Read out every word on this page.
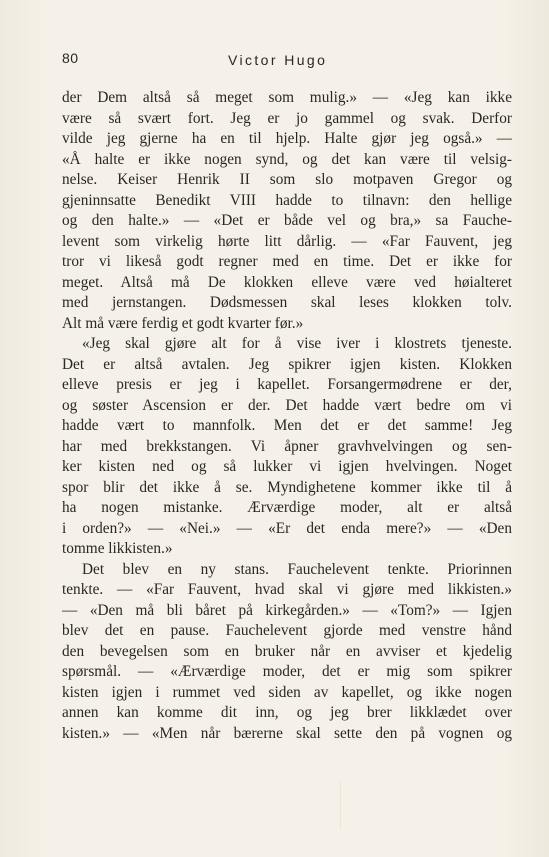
80	Victor Hugo
der Dem altså så meget som mulig.» — «Jeg kan ikke
være så svært fort. Jeg er jo gammel og svak. Derfor
vilde jeg gjerne ha en til hjelp. Halte gjør jeg også.» —
«Å halte er ikke nogen synd, og det kan være til velsig-
nelse. Keiser Henrik II som slo motpaven Gregor og
gjeninnsatte Benedikt VIII hadde to tilnavn: den hellige
og den halte.» — «Det er både vel og bra,» sa Fauche-
levent som virkelig hørte litt dårlig. — «Far Fauvent, jeg
tror vi likeså godt regner med en time. Det er ikke for
meget. Altså må De klokken elleve være ved høialteret
med jernstangen. Dødsmessen skal leses klokken tolv.
Alt må være ferdig et godt kvarter før.»
«Jeg skal gjøre alt for å vise iver i klostrets tjeneste.
Det er altså avtalen. Jeg spikrer igjen kisten. Klokken
elleve presis er jeg i kapellet. Forsangermødrene er der,
og søster Ascension er der. Det hadde vært bedre om vi
hadde vært to mannfolk. Men det er det samme! Jeg
har med brekkstangen. Vi åpner gravhvelvingen og sen-
ker kisten ned og så lukker vi igjen hvelvingen. Noget
spor blir det ikke å se. Myndighetene kommer ikke til å
ha nogen mistanke. Ærværdige moder, alt er altså
i orden?» — «Nei.» — «Er det enda mere?» — «Den
tomme likkisten.»
Det blev en ny stans. Fauchelevent tenkte. Priorinnen
tenkte. — «Far Fauvent, hvad skal vi gjøre med likkisten.»
— «Den må bli båret på kirkegården.» — «Tom?» — Igjen
blev det en pause. Fauchelevent gjorde med venstre hånd
den bevegelsen som en bruker når en avviser et kjedelig
spørsmål. — «Ærværdige moder, det er mig som spikrer
kisten igjen i rummet ved siden av kapellet, og ikke nogen
annen kan komme dit inn, og jeg brer likklædet over
kisten.» — «Men når bærerne skal sette den på vognen og
